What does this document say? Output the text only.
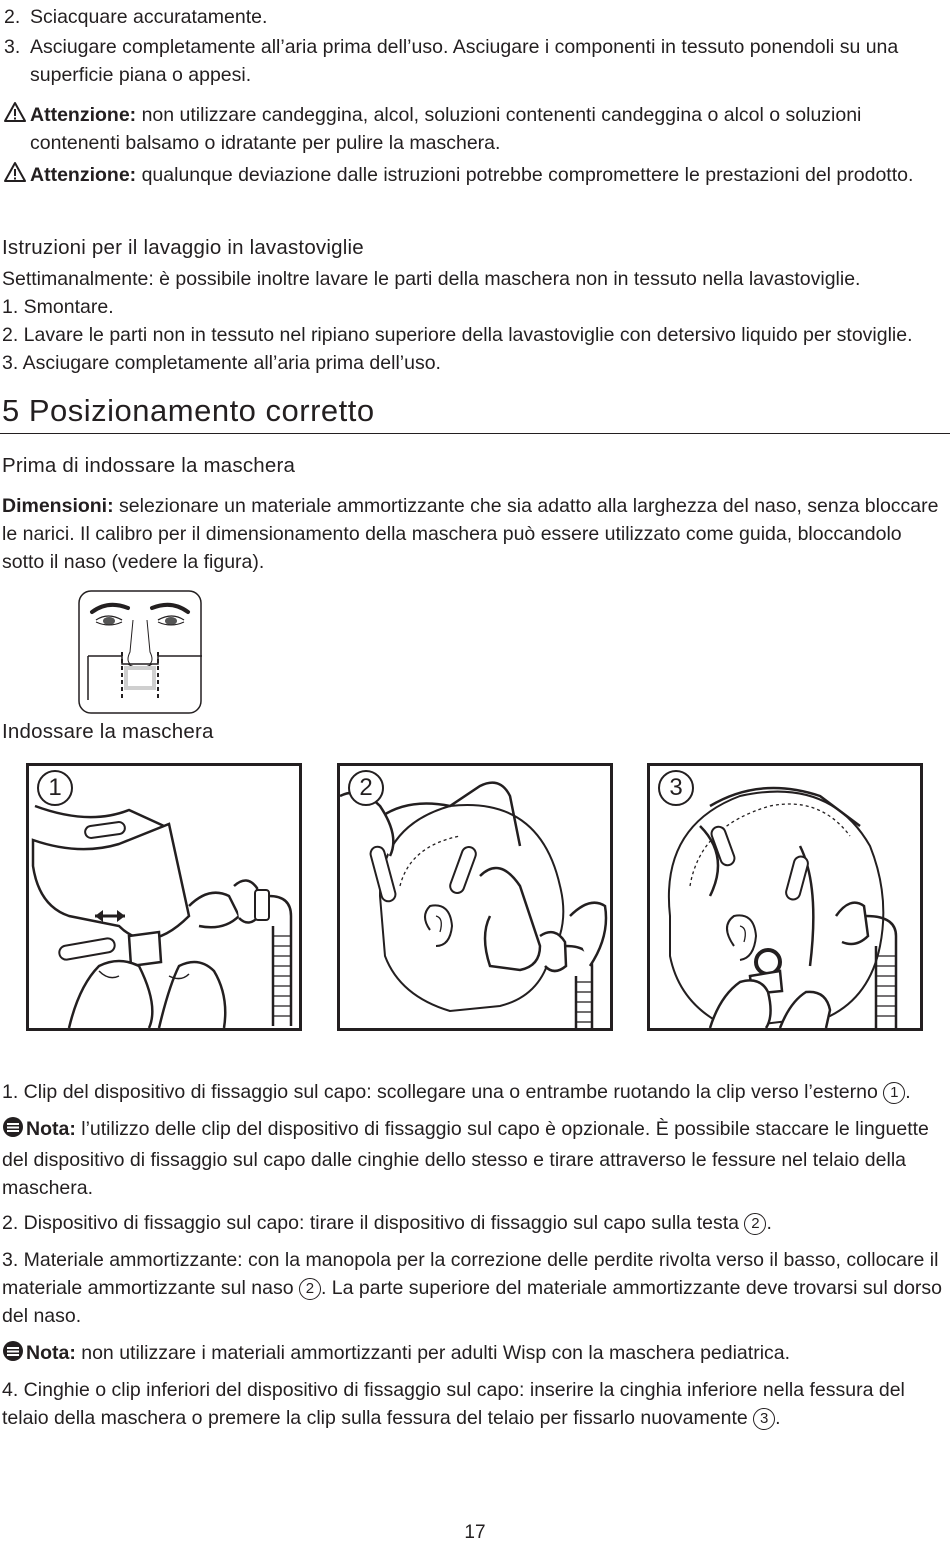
2. Sciacquare accuratamente.
3. Asciugare completamente all’aria prima dell’uso. Asciugare i componenti in tessuto ponendoli su una superficie piana o appesi.
Attenzione: non utilizzare candeggina, alcol, soluzioni contenenti candeggina o alcol o soluzioni contenenti balsamo o idratante per pulire la maschera.
Attenzione: qualunque deviazione dalle istruzioni potrebbe compromettere le prestazioni del prodotto.
Istruzioni per il lavaggio in lavastoviglie
Settimanalmente: è possibile inoltre lavare le parti della maschera non in tessuto nella lavastoviglie.
1. Smontare.
2. Lavare le parti non in tessuto nel ripiano superiore della lavastoviglie con detersivo liquido per stoviglie.
3. Asciugare completamente all’aria prima dell’uso.
5 Posizionamento corretto
Prima di indossare la maschera
Dimensioni: selezionare un materiale ammortizzante che sia adatto alla larghezza del naso, senza bloccare le narici. Il calibro per il dimensionamento della maschera può essere utilizzato come guida, bloccandolo sotto il naso (vedere la figura).
Indossare la maschera
1	2	3
1. Clip del dispositivo di fissaggio sul capo: scollegare una o entrambe ruotando la clip verso l’esterno 1 .
Nota: l’utilizzo delle clip del dispositivo di fissaggio sul capo è opzionale. È possibile staccare le linguette del dispositivo di fissaggio sul capo dalle cinghie dello stesso e tirare attraverso le fessure nel telaio della maschera.
2. Dispositivo di fissaggio sul capo: tirare il dispositivo di fissaggio sul capo sulla testa 2 .
3. Materiale ammortizzante: con la manopola per la correzione delle perdite rivolta verso il basso, collocare il materiale ammortizzante sul naso 2 . La parte superiore del materiale ammortizzante deve trovarsi sul dorso del naso.
Nota: non utilizzare i materiali ammortizzanti per adulti Wisp con la maschera pediatrica.
4. Cinghie o clip inferiori del dispositivo di fissaggio sul capo: inserire la cinghia inferiore nella fessura del telaio della maschera o premere la clip sulla fessura del telaio per fissarlo nuovamente 3 .
17
